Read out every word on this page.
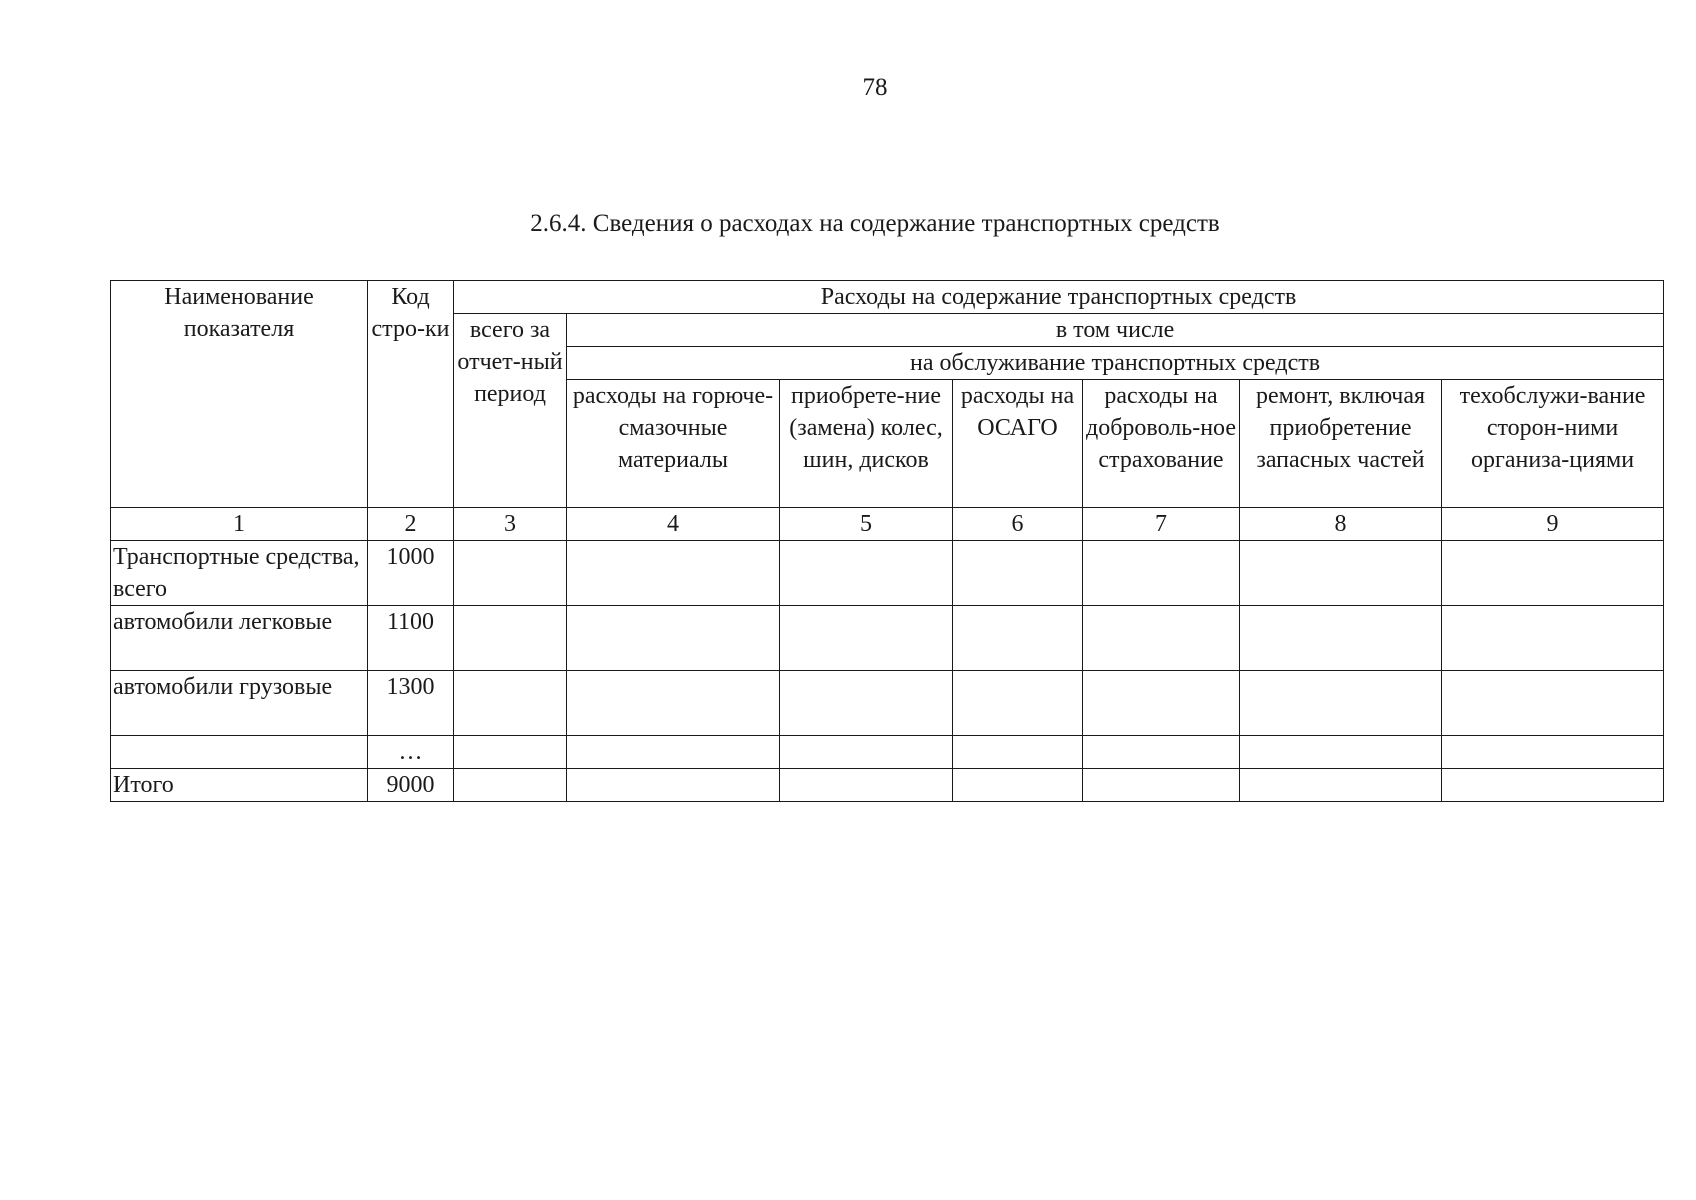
78
2.6.4. Сведения о расходах на содержание транспортных средств
Наименование показателя	Код стро-ки	Расходы на содержание транспортных средств						
		всего за отчет-ный период	в том числе					
			на обслуживание транспортных средств					
			расходы на горюче-смазочные материалы	приобрете-ние (замена) колес, шин, дисков	расходы на ОСАГО	расходы на доброволь-ное страхование	ремонт, включая приобретение запасных частей	техобслужи-вание сторон-ними организа-циями
1	2	3	4	5	6	7	8	9
Транспортные средства, всего	1000							
автомобили легковые	1100							
автомобили грузовые	1300							
	…							
Итого	9000							
